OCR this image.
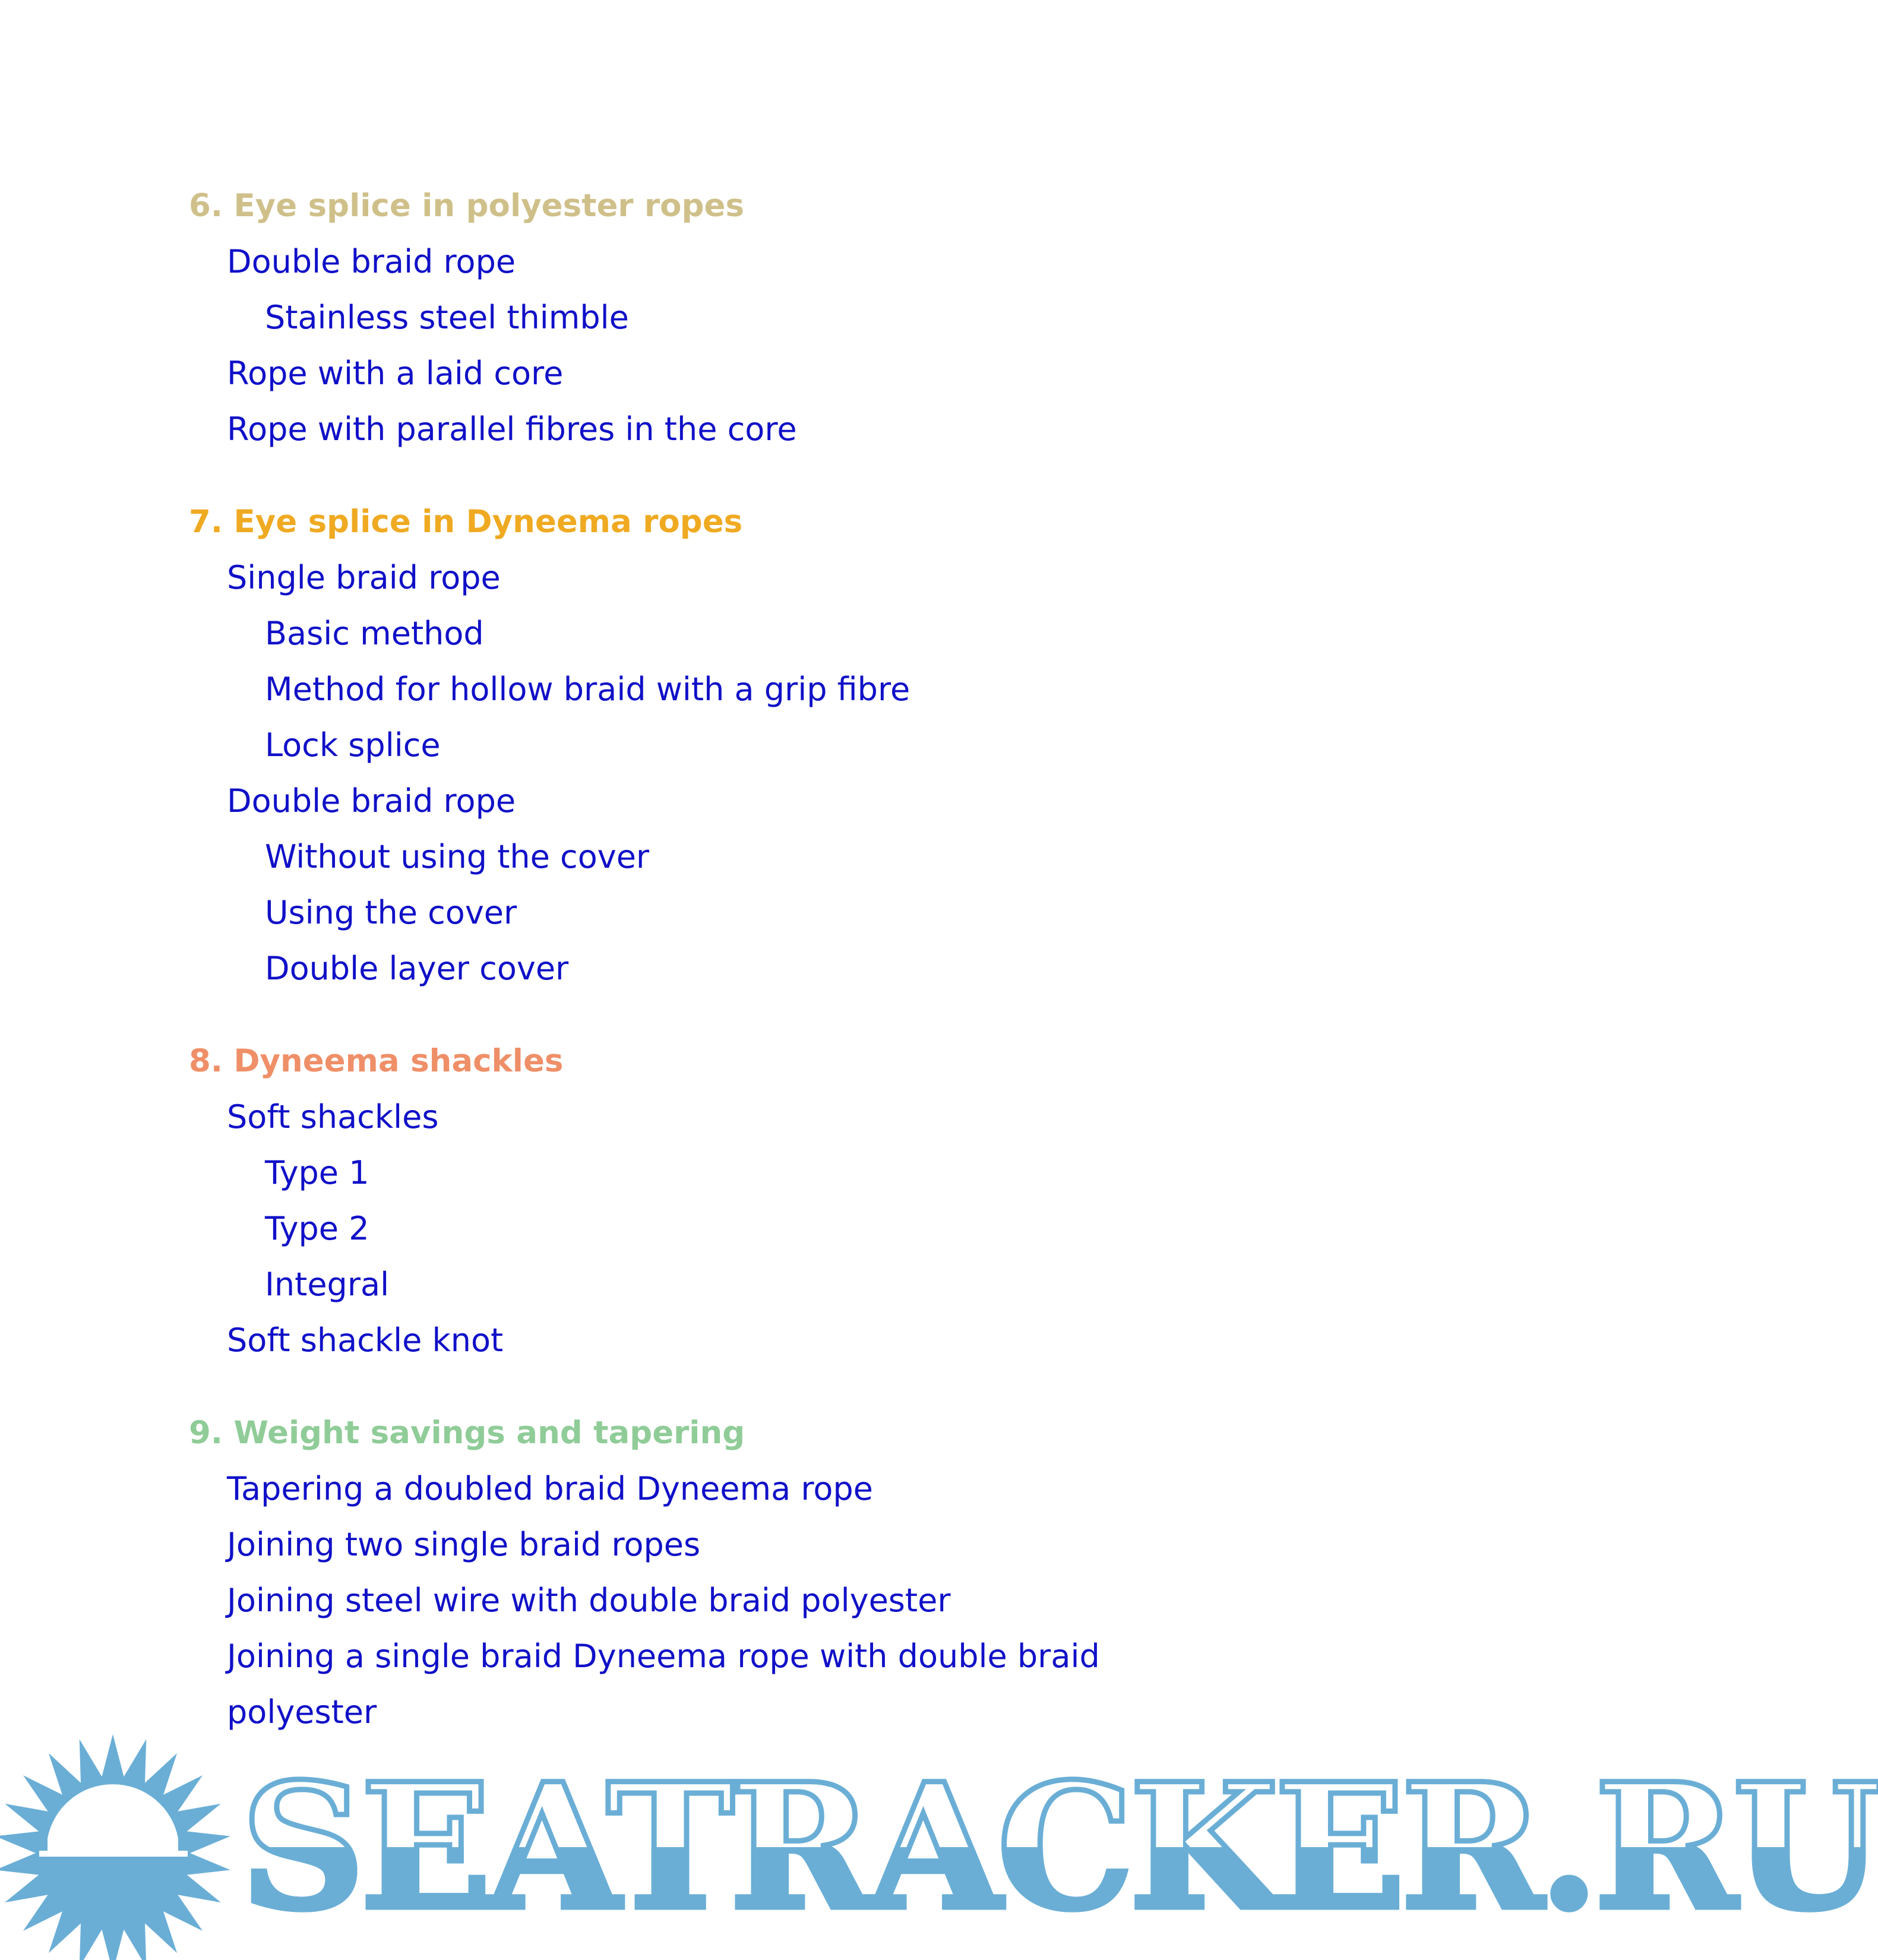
6. Eye splice in polyester ropes
Double braid rope
Stainless steel thimble
Rope with a laid core
Rope with parallel fibres in the core
7. Eye splice in Dyneema ropes
Single braid rope
Basic method
Method for hollow braid with a grip fibre
Lock splice
Double braid rope
Without using the cover
Using the cover
Double layer cover
8. Dyneema shackles
Soft shackles
Type 1
Type 2
Integral
Soft shackle knot
9. Weight savings and tapering
Tapering a doubled braid Dyneema rope
Joining two single braid ropes
Joining steel wire with double braid polyester
Joining a single braid Dyneema rope with double braid polyester
SEATRACKER.RU
